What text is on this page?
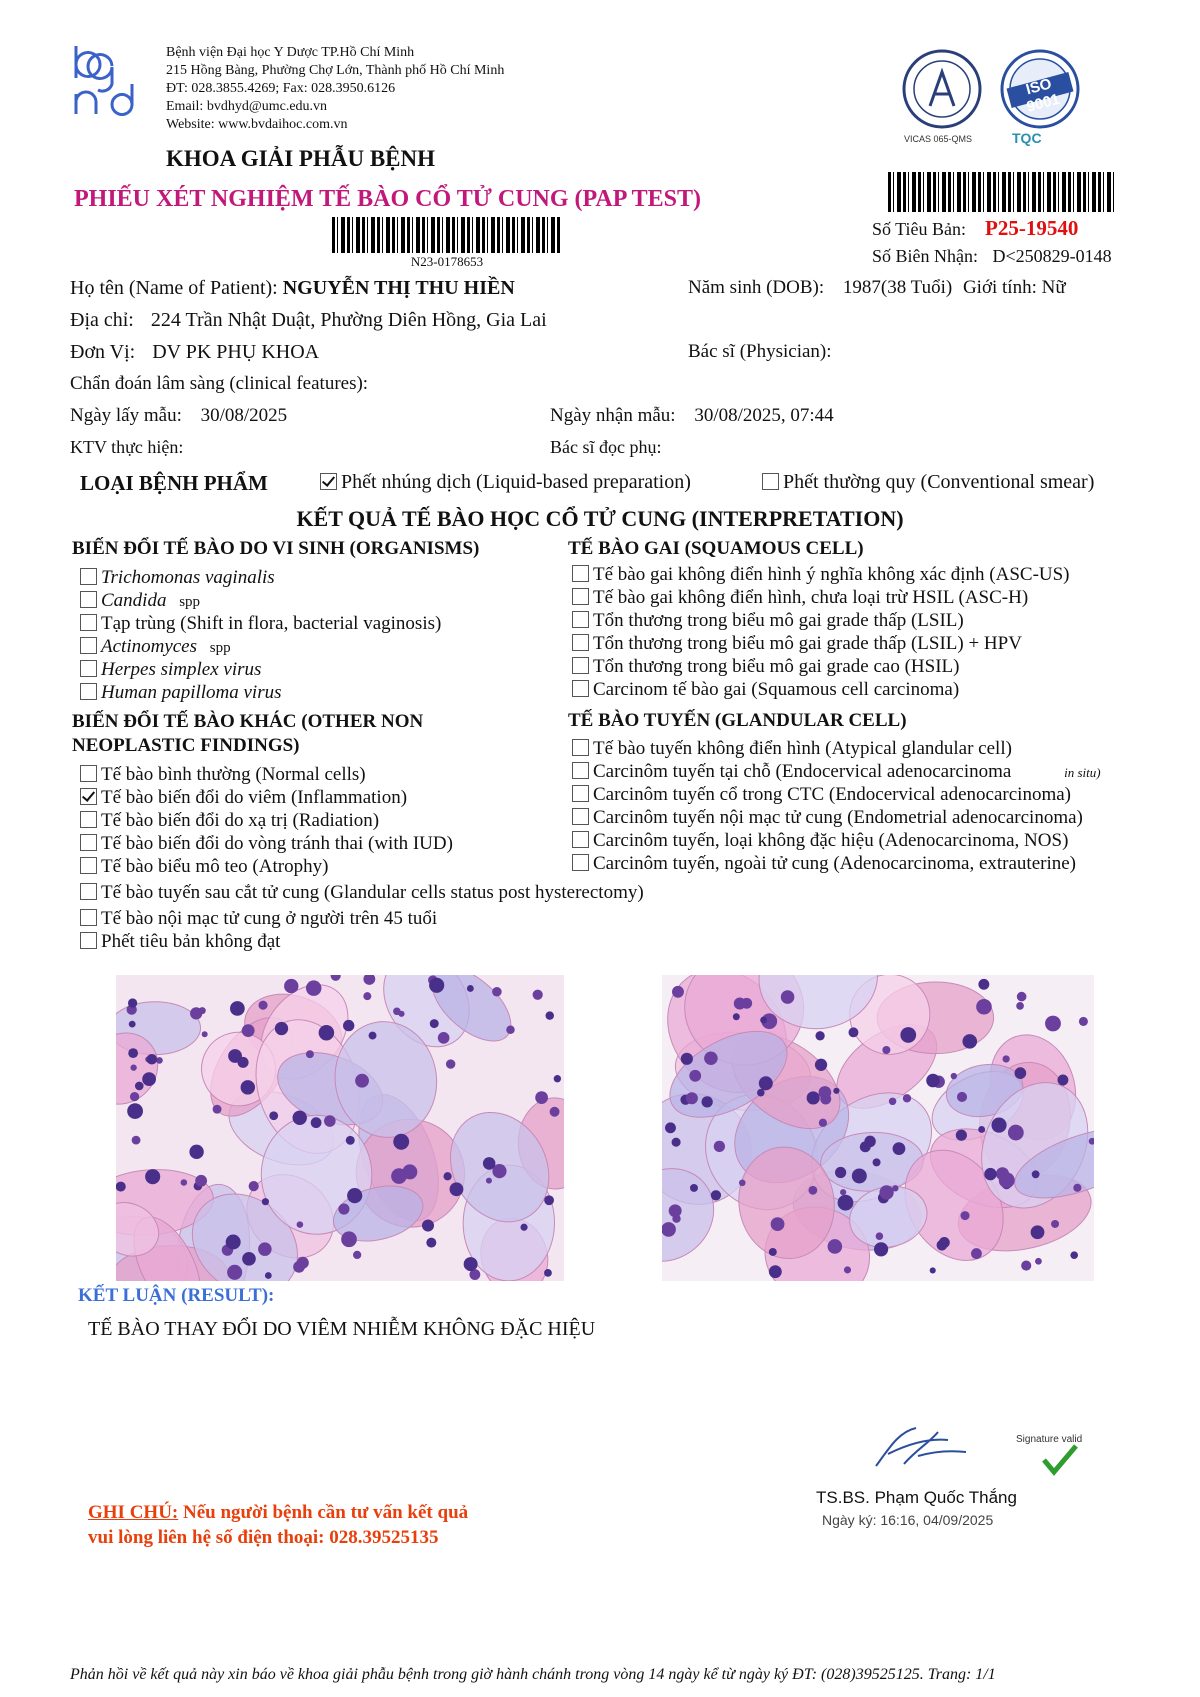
Bệnh viện Đại học Y Dược TP.Hồ Chí Minh
215 Hồng Bàng, Phường Chợ Lớn, Thành phố Hồ Chí Minh
ĐT: 028.3855.4269; Fax: 028.3950.6126
Email: bvdhyd@umc.edu.vn
Website: www.bvdaihoc.com.vn
ISO 9001
VICAS 065-QMS	TQC
KHOA GIẢI PHẪU BỆNH
PHIẾU XÉT NGHIỆM TẾ BÀO CỔ TỬ CUNG (PAP TEST)
N23-0178653
Số Tiêu Bản: P25-19540
Số Biên Nhận: D<250829-0148
Họ tên (Name of Patient): NGUYỄN THỊ THU HIỀN	Năm sinh (DOB): 1987(38 Tuổi) Giới tính: Nữ
Địa chỉ: 224 Trần Nhật Duật, Phường Diên Hồng, Gia Lai
Đơn Vị: DV PK PHỤ KHOA	Bác sĩ (Physician):
Chẩn đoán lâm sàng (clinical features):
Ngày lấy mẫu: 30/08/2025	Ngày nhận mẫu: 30/08/2025, 07:44
KTV thực hiện:	Bác sĩ đọc phụ:
LOẠI BỆNH PHẨM	Phết nhúng dịch (Liquid-based preparation)	Phết thường quy (Conventional smear)
KẾT QUẢ TẾ BÀO HỌC CỔ TỬ CUNG (INTERPRETATION)
BIẾN ĐỔI TẾ BÀO DO VI SINH (ORGANISMS)
Trichomonas vaginalis
Candida spp
Tạp trùng (Shift in flora, bacterial vaginosis)
Actinomyces spp
Herpes simplex virus
Human papilloma virus
TẾ BÀO GAI (SQUAMOUS CELL)
Tế bào gai không điển hình ý nghĩa không xác định (ASC-US)
Tế bào gai không điển hình, chưa loại trừ HSIL (ASC-H)
Tổn thương trong biểu mô gai grade thấp (LSIL)
Tổn thương trong biểu mô gai grade thấp (LSIL) + HPV
Tổn thương trong biểu mô gai grade cao (HSIL)
Carcinom tế bào gai (Squamous cell carcinoma)
BIẾN ĐỔI TẾ BÀO KHÁC (OTHER NON
NEOPLASTIC FINDINGS)
Tế bào bình thường (Normal cells)
Tế bào biến đổi do viêm (Inflammation)
Tế bào biến đổi do xạ trị (Radiation)
Tế bào biến đổi do vòng tránh thai (with IUD)
Tế bào biểu mô teo (Atrophy)
Tế bào tuyến sau cắt tử cung (Glandular cells status post hysterectomy)
Tế bào nội mạc tử cung ở người trên 45 tuổi
Phết tiêu bản không đạt
TẾ BÀO TUYẾN (GLANDULAR CELL)
Tế bào tuyến không điển hình (Atypical glandular cell)
Carcinôm tuyến tại chỗ (Endocervical adenocarcinoma	in situ)
Carcinôm tuyến cổ trong CTC (Endocervical adenocarcinoma)
Carcinôm tuyến nội mạc tử cung (Endometrial adenocarcinoma)
Carcinôm tuyến, loại không đặc hiệu (Adenocarcinoma, NOS)
Carcinôm tuyến, ngoài tử cung (Adenocarcinoma, extrauterine)
KẾT LUẬN (RESULT):
TẾ BÀO THAY ĐỔI DO VIÊM NHIỄM KHÔNG ĐẶC HIỆU
Signature valid
TS.BS. Phạm Quốc Thắng
Ngày ký: 16:16, 04/09/2025
GHI CHÚ: Nếu người bệnh cần tư vấn kết quả
vui lòng liên hệ số điện thoại: 028.39525135
Phản hồi về kết quả này xin báo về khoa giải phẫu bệnh trong giờ hành chánh trong vòng 14 ngày kể từ ngày ký ĐT: (028)39525125. Trang: 1/1
